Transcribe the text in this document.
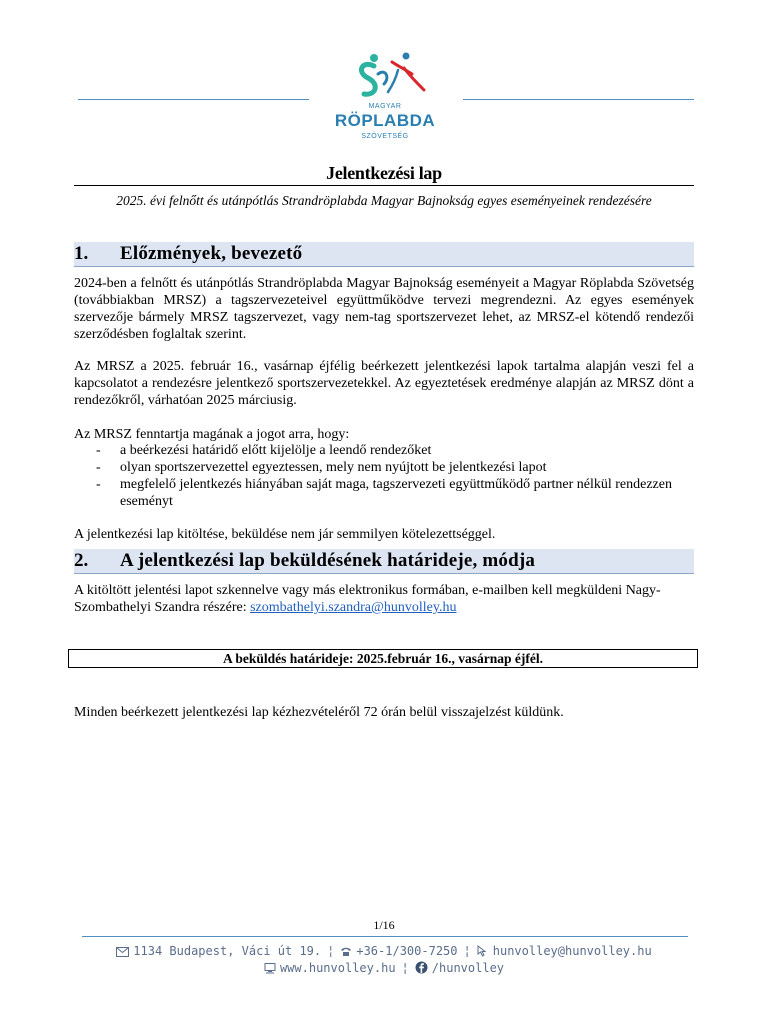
MAGYAR
RÖPLABDA
SZÖVETSÉG
Jelentkezési lap
2025. évi felnőtt és utánpótlás Strandröplabda Magyar Bajnokság egyes eseményeinek rendezésére
1. Előzmények, bevezető
2024-ben a felnőtt és utánpótlás Strandröplabda Magyar Bajnokság eseményeit a Magyar Röplabda Szövetség (továbbiakban MRSZ) a tagszervezeteivel együttműködve tervezi megrendezni. Az egyes események szervezője bármely MRSZ tagszervezet, vagy nem-tag sportszervezet lehet, az MRSZ-el kötendő rendezői szerződésben foglaltak szerint.
Az MRSZ a 2025. február 16., vasárnap éjfélig beérkezett jelentkezési lapok tartalma alapján veszi fel a kapcsolatot a rendezésre jelentkező sportszervezetekkel. Az egyeztetések eredménye alapján az MRSZ dönt a rendezőkről, várhatóan 2025 márciusig.
Az MRSZ fenntartja magának a jogot arra, hogy:
- a beérkezési határidő előtt kijelölje a leendő rendezőket
- olyan sportszervezettel egyeztessen, mely nem nyújtott be jelentkezési lapot
- megfelelő jelentkezés hiányában saját maga, tagszervezeti együttműködő partner nélkül rendezzen eseményt
A jelentkezési lap kitöltése, beküldése nem jár semmilyen kötelezettséggel.
2. A jelentkezési lap beküldésének határideje, módja
A kitöltött jelentési lapot szkennelve vagy más elektronikus formában, e-mailben kell megküldeni Nagy-Szombathelyi Szandra részére: szombathelyi.szandra@hunvolley.hu
A beküldés határideje: 2025.február 16., vasárnap éjfél.
Minden beérkezett jelentkezési lap kézhezvételéről 72 órán belül visszajelzést küldünk.
1/16
1134 Budapest, Váci út 19. ¦ +36-1/300-7250 ¦ hunvolley@hunvolley.hu
www.hunvolley.hu ¦ /hunvolley
